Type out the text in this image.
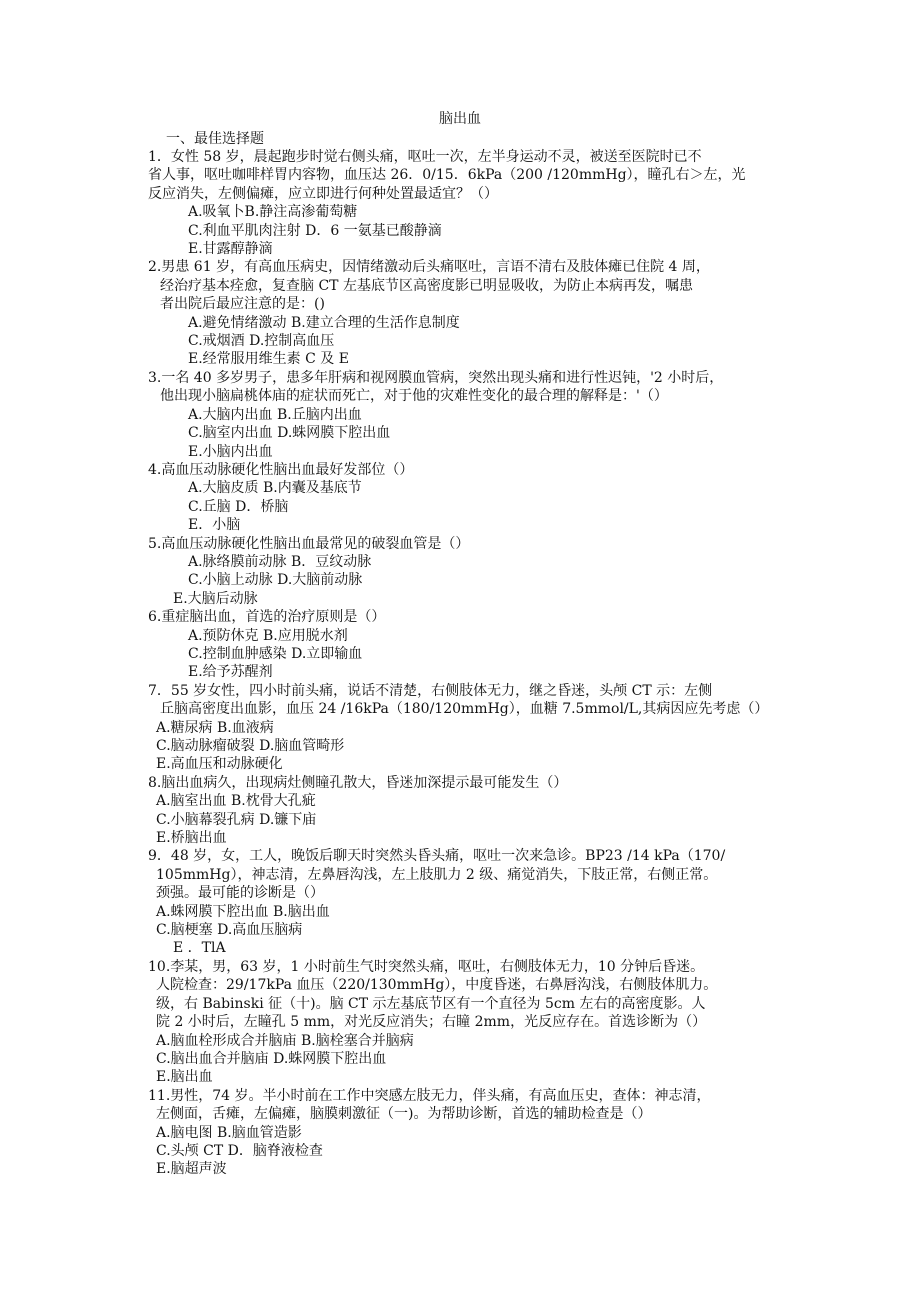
脑出血
一、最佳选择题
1．女性 58 岁，晨起跑步时觉右侧头痛，呕吐一次，左半身运动不灵，被送至医院时已不
省人事，呕吐咖啡样胃内容物，血压达 26．0/15．6kPa（200 /120mmHg），瞳孔右＞左，光
反应消失，左侧偏瘫，应立即进行何种处置最适宜？（）
A.吸氧卜B.静注高渗葡萄糖
C.利血平肌肉注射 D．6 一氨基已酸静滴
E.甘露醇静滴
2.男患 61 岁，有高血压病史，因情绪激动后头痛呕吐，言语不清右及肢体瘫已住院 4 周，
经治疗基本痊愈，复查脑 CT 左基底节区高密度影已明显吸收，为防止本病再发，嘱患
者出院后最应注意的是：()
A.避免情绪激动 B.建立合理的生活作息制度
C.戒烟酒 D.控制高血压
E.经常服用维生素 C 及 E
3.一名 40 多岁男子，患多年肝病和视网膜血管病，突然出现头痛和进行性迟钝，'2 小时后，
他出现小脑扁桃体庙的症状而死亡，对于他的灾难性变化的最合理的解释是：'（）
A.大脑内出血 B.丘脑内出血
C.脑室内出血 D.蛛网膜下腔出血
E.小脑内出血
4.高血压动脉硬化性脑出血最好发部位（）
A.大脑皮质 B.内囊及基底节
C.丘脑 D．桥脑
E．小脑
5.高血压动脉硬化性脑出血最常见的破裂血管是（）
A.脉络膜前动脉 B．豆纹动脉
C.小脑上动脉 D.大脑前动脉
E.大脑后动脉
6.重症脑出血，首选的治疗原则是（）
A.预防休克 B.应用脱水剂
C.控制血肿感染 D.立即输血
E.给予苏醒剂
7．55 岁女性，四小时前头痛，说话不清楚，右侧肢体无力，继之昏迷，头颅 CT 示：左侧
丘脑高密度出血影，血压 24 /16kPa（180/120mmHg），血糖 7.5mmol/L,其病因应先考虑（）
A.糖尿病 B.血液病
C.脑动脉瘤破裂 D.脑血管畸形
E.高血压和动脉硬化
8.脑出血病久，出现病灶侧瞳孔散大，昏迷加深提示最可能发生（）
A.脑室出血 B.枕骨大孔疵
C.小脑幕裂孔病 D.镰下庙
E.桥脑出血
9．48 岁，女，工人，晚饭后聊天时突然头昏头痛，呕吐一次来急诊。BP23 /14 kPa（170/
105mmHg），神志清，左鼻唇沟浅，左上肢肌力 2 级、痛觉消失，下肢正常，右侧正常。
颈强。最可能的诊断是（）
A.蛛网膜下腔出血 B.脑出血
C.脑梗塞 D.高血压脑病
E ．TlA
10.李某，男，63 岁，1 小时前生气时突然头痛，呕吐，右侧肢体无力，10 分钟后昏迷。
人院检查：29/17kPa 血压（220/130mmHg），中度昏迷，右鼻唇沟浅，右侧肢体肌力。
级，右 Babinski 征（十)。脑 CT 示左基底节区有一个直径为 5cm 左右的高密度影。人
院 2 小时后，左瞳孔 5 mm，对光反应消失；右瞳 2mm，光反应存在。首选诊断为（）
A.脑血栓形成合并脑庙 B.脑栓塞合并脑病
C.脑出血合并脑庙 D.蛛网膜下腔出血
E.脑出血
11.男性，74 岁。半小时前在工作中突感左肢无力，伴头痛，有高血压史，查体：神志清，
左侧面，舌瘫，左偏瘫，脑膜刺激征（一)。为帮助诊断，首选的辅助检查是（）
A.脑电图 B.脑血管造影
C.头颅 CT D．脑脊液检查
E.脑超声波
